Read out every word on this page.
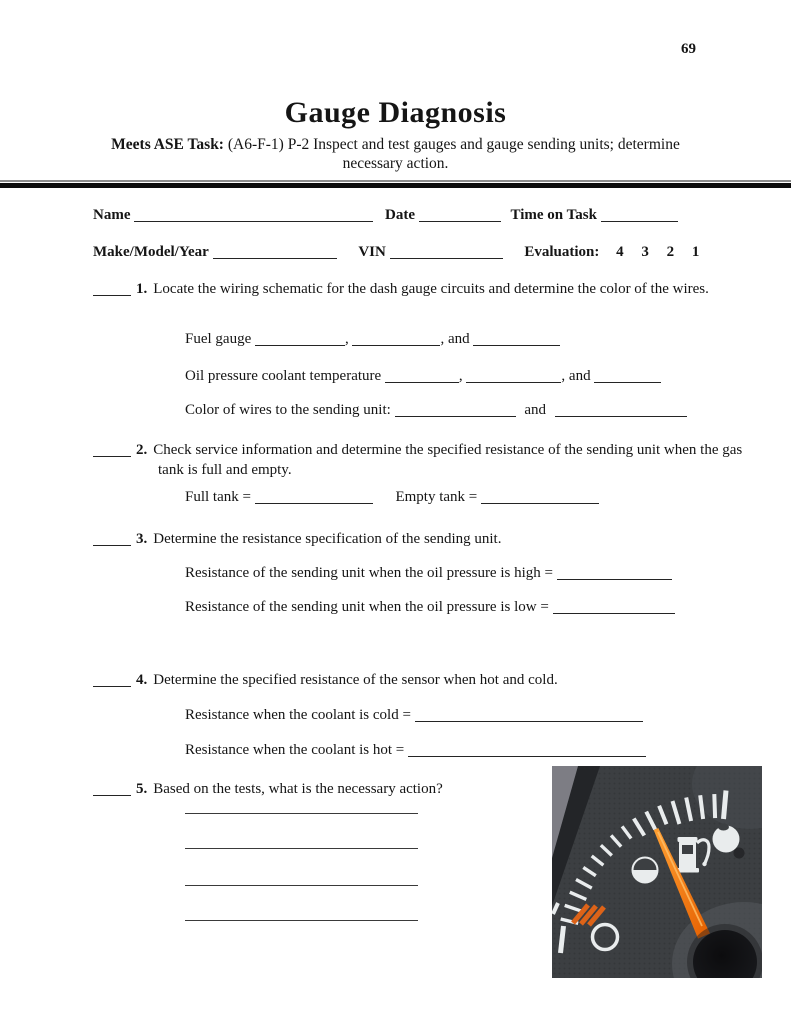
69
Gauge Diagnosis
Meets ASE Task: (A6-F-1) P-2 Inspect and test gauges and gauge sending units; determine
necessary action.
Name	Date	Time on Task
Make/Model/Year	VIN	Evaluation: 4 3 2 1
1. Locate the wiring schematic for the dash gauge circuits and determine the color of the wires.
Fuel gauge	,	, and
Oil pressure coolant temperature	,	, and
Color of wires to the sending unit:	and
2. Check service information and determine the specified resistance of the sending unit when the gas tank is full and empty.
Full tank =	Empty tank =
3. Determine the resistance specification of the sending unit.
Resistance of the sending unit when the oil pressure is high =
Resistance of the sending unit when the oil pressure is low =
4. Determine the specified resistance of the sensor when hot and cold.
Resistance when the coolant is cold =
Resistance when the coolant is hot =
5. Based on the tests, what is the necessary action?
